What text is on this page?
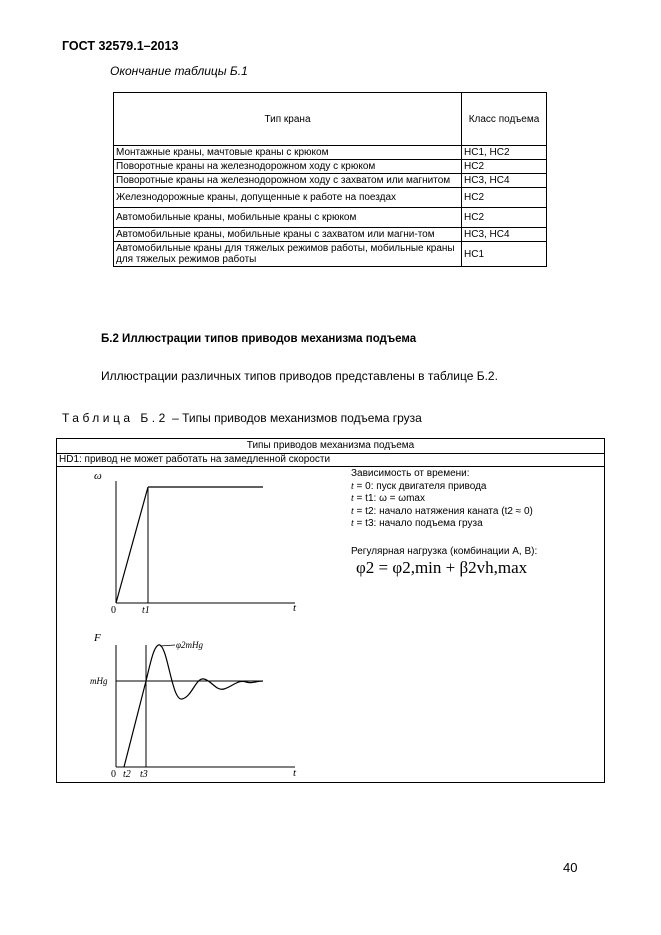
ГОСТ 32579.1–2013
Окончание таблицы Б.1
Тип крана	Класс подъема
Монтажные краны, мачтовые краны с крюком	HC1, HC2
Поворотные краны на железнодорожном ходу с крюком	HC2
Поворотные краны на железнодорожном ходу с захватом или магнитом	HC3, HC4
Железнодорожные краны, допущенные к работе на поездах	HC2
Автомобильные краны, мобильные краны с крюком	HC2
Автомобильные краны, мобильные краны с захватом или магни-том	HC3, HC4
Автомобильные краны для тяжелых режимов работы, мобильные краны для тяжелых режимов работы	HC1
Б.2 Иллюстрации типов приводов механизма подъема
Иллюстрации различных типов приводов представлены в таблице Б.2.
Таблица Б.2 – Типы приводов механизмов подъема груза
Типы приводов механизма подъема
HD1: привод не может работать на замедленной скорости
ω
t
0	t1
F
mHg
φ2mHg
t
0 t2 t3
Зависимость от времени:
t = 0: пуск двигателя привода
t = t1: ω = ωmax
t = t2: начало натяжения каната (t2 ≈ 0)
t = t3: начало подъема груза
Регулярная нагрузка (комбинации A, B):
φ2 = φ2,min + β2vh,max
40
